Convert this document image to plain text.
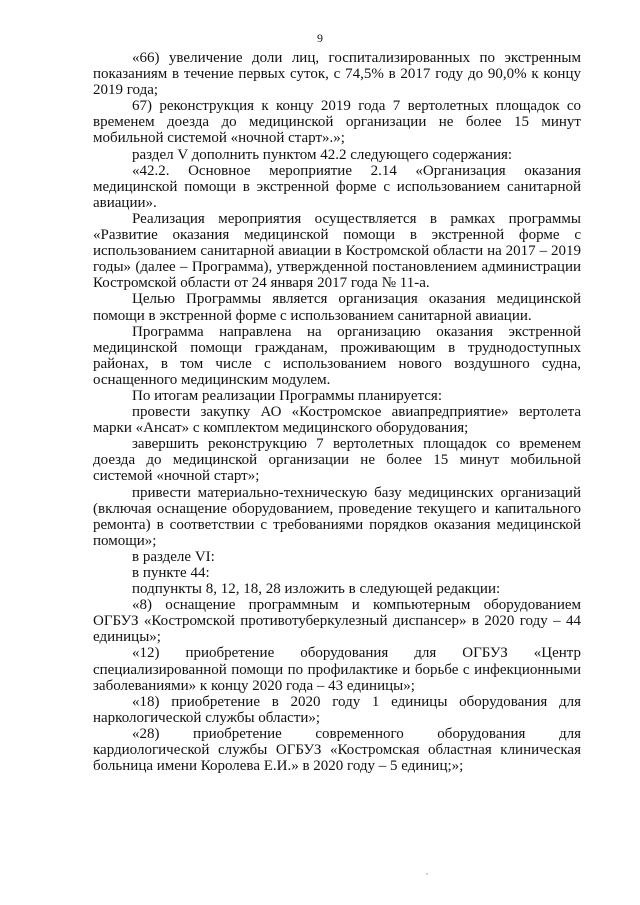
9

«66) увеличение доли лиц, госпитализированных по экстренным показаниям в течение первых суток, с 74,5% в 2017 году до 90,0% к концу 2019 года;

67) реконструкция к концу 2019 года 7 вертолетных площадок со временем доезда до медицинской организации не более 15 минут мобильной системой «ночной старт».»;

раздел V дополнить пунктом 42.2 следующего содержания:

«42.2. Основное мероприятие 2.14 «Организация оказания медицинской помощи в экстренной форме с использованием санитарной авиации».

Реализация мероприятия осуществляется в рамках программы «Развитие оказания медицинской помощи в экстренной форме с использованием санитарной авиации в Костромской области на 2017 – 2019 годы» (далее – Программа), утвержденной постановлением администрации Костромской области от 24 января 2017 года № 11-а.

Целью Программы является организация оказания медицинской помощи в экстренной форме с использованием санитарной авиации.

Программа направлена на организацию оказания экстренной медицинской помощи гражданам, проживающим в труднодоступных районах, в том числе с использованием нового воздушного судна, оснащенного медицинским модулем.

По итогам реализации Программы планируется:

провести закупку АО «Костромское авиапредприятие» вертолета марки «Ансат» с комплектом медицинского оборудования;

завершить реконструкцию 7 вертолетных площадок со временем доезда до медицинской организации не более 15 минут мобильной системой «ночной старт»;

привести материально-техническую базу медицинских организаций (включая оснащение оборудованием, проведение текущего и капитального ремонта) в соответствии с требованиями порядков оказания медицинской помощи»;

в разделе VI:

в пункте 44:

подпункты 8, 12, 18, 28 изложить в следующей редакции:

«8) оснащение программным и компьютерным оборудованием ОГБУЗ «Костромской противотуберкулезный диспансер» в 2020 году – 44 единицы»;

«12) приобретение оборудования для ОГБУЗ «Центр специализированной помощи по профилактике и борьбе с инфекционными заболеваниями» к концу 2020 года – 43 единицы»;

«18) приобретение в 2020 году 1 единицы оборудования для наркологической службы области»;

«28) приобретение современного оборудования для кардиологической службы ОГБУЗ «Костромская областная клиническая больница имени Королева Е.И.» в 2020 году – 5 единиц;»;

,
